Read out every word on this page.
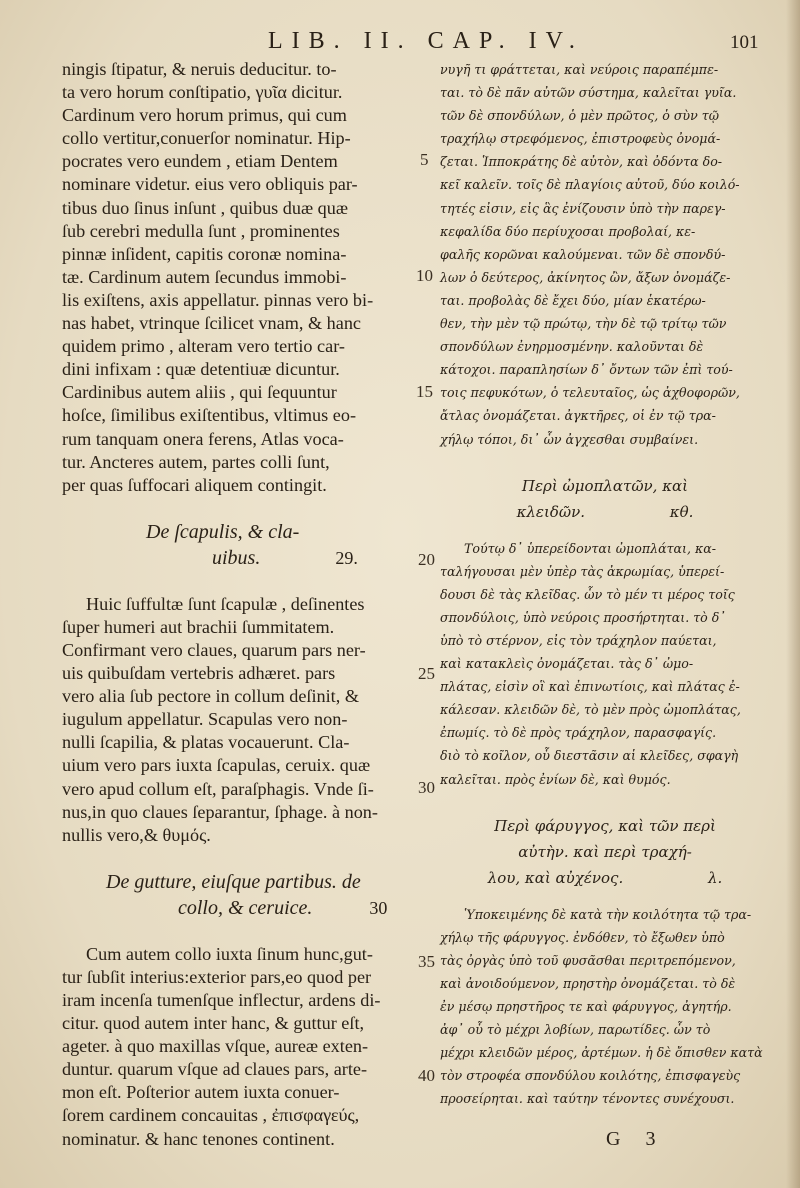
LIB. II. CAP. IV.	101
ningis ſtipatur, & neruis deducitur. to-
ta vero horum conſtipatio, γυῖα dicitur.
Cardinum vero horum primus, qui cum
collo vertitur,conuerſor nominatur. Hip-
pocrates vero eundem , etiam Dentem
nominare videtur. eius vero obliquis par-
tibus duo ſinus inſunt , quibus duæ quæ
ſub cerebri medulla ſunt , prominentes
pinnæ inſident, capitis coronæ nomina-
tæ. Cardinum autem ſecundus immobi-
lis exiſtens, axis appellatur. pinnas vero bi-
nas habet, vtrinque ſcilicet vnam, & hanc
quidem primo , alteram vero tertio car-
dini infixam : quæ detentiuæ dicuntur.
Cardinibus autem aliis , qui ſequuntur
hoſce, ſimilibus exiſtentibus, vltimus eo-
rum tanquam onera ferens, Atlas voca-
tur. Ancteres autem, partes colli ſunt,
per quas ſuffocari aliquem contingit.
De ſcapulis, & cla-
uibus.	29.
Huic ſuffultæ ſunt ſcapulæ , deſinentes
ſuper humeri aut brachii ſummitatem.
Confirmant vero claues, quarum pars ner-
uis quibuſdam vertebris adhæret. pars
vero alia ſub pectore in collum deſinit, &
iugulum appellatur. Scapulas vero non-
nulli ſcapilia, & platas vocauerunt. Cla-
uium vero pars iuxta ſcapulas, ceruix. quæ
vero apud collum eſt, paraſphagis. Vnde ſi-
nus,in quo claues ſeparantur, ſphage. à non-
nullis vero,& θυμός.
De gutture, eiuſque partibus. de
collo, & ceruice.	30
Cum autem collo iuxta ſinum hunc,gut-
tur ſubſit interius:exterior pars,eo quod per
iram incenſa tumenſque inflectur, ardens di-
citur. quod autem inter hanc, & guttur eſt,
ageter. à quo maxillas vſque, aureæ exten-
duntur. quarum vſque ad claues pars, arte-
mon eſt. Poſterior autem iuxta conuer-
ſorem cardinem concauitas , ἐπισφαγεύς,
nominatur. & hanc tenones continent.
5
10
15
20
25
30
35
40
νυγῆ τι φράττεται, καὶ νεύροις παραπέμπε-
ται. τὸ δὲ πᾶν αὐτῶν σύστημα, καλεῖται γυῖα.
τῶν δὲ σπονδύλων, ὁ μὲν πρῶτος, ὁ σὺν τῷ
τραχήλῳ στρεφόμενος, ἐπιστροφεὺς ὀνομά-
ζεται. Ἱπποκράτης δὲ αὐτὸν, καὶ ὀδόντα δο-
κεῖ καλεῖν. τοῖς δὲ πλαγίοις αὐτοῦ, δύο κοιλό-
τητές εἰσιν, εἰς ἃς ἐνίζουσιν ὑπὸ τὴν παρεγ-
κεφαλίδα δύο περίυχοσαι προβολαί, κε-
φαλῆς κορῶναι καλούμεναι. τῶν δὲ σπονδύ-
λων ὁ δεύτερος, ἀκίνητος ὢν, ἄξων ὀνομάζε-
ται. προβολὰς δὲ ἔχει δύο, μίαν ἑκατέρω-
θεν, τὴν μὲν τῷ πρώτῳ, τὴν δὲ τῷ τρίτῳ τῶν
σπονδύλων ἐνηρμοσμένην. καλοῦνται δὲ
κάτοχοι. παραπλησίων δ᾽ ὄντων τῶν ἐπὶ τού-
τοις πεφυκότων, ὁ τελευταῖος, ὡς ἀχθοφορῶν,
ἄτλας ὀνομάζεται. ἀγκτῆρες, οἱ ἐν τῷ τρα-
χήλῳ τόποι, δι᾽ ὧν ἀγχεσθαι συμβαίνει.
Περὶ ὠμοπλατῶν, καὶ
κλειδῶν.	κθ.
Τούτῳ δ᾽ ὑπερείδονται ὠμοπλάται, κα-
ταλήγουσαι μὲν ὑπὲρ τὰς ἀκρωμίας, ὑπερεί-
δουσι δὲ τὰς κλεῖδας. ὧν τὸ μέν τι μέρος τοῖς
σπονδύλοις, ὑπὸ νεύροις προσήρτηται. τὸ δ᾽
ὑπὸ τὸ στέρνον, εἰς τὸν τράχηλον παύεται,
καὶ κατακλεὶς ὀνομάζεται. τὰς δ᾽ ὠμο-
πλάτας, εἰσὶν οἳ καὶ ἐπινωτίοις, καὶ πλάτας ἐ-
κάλεσαν. κλειδῶν δὲ, τὸ μὲν πρὸς ὠμοπλάτας,
ἐπωμίς. τὸ δὲ πρὸς τράχηλον, παρασφαγίς.
διὸ τὸ κοῖλον, οὗ διεστᾶσιν αἱ κλεῖδες, σφαγὴ
καλεῖται. πρὸς ἐνίων δὲ, καὶ θυμός.
Περὶ φάρυγγος, καὶ τῶν περὶ
αὐτὴν. καὶ περὶ τραχή-
λου, καὶ αὐχένος.	λ.
Ὑποκειμένης δὲ κατὰ τὴν κοιλότητα τῷ τρα-
χήλῳ τῆς φάρυγγος. ἐνδόθεν, τὸ ἔξωθεν ὑπὸ
τὰς ὀργὰς ὑπὸ τοῦ φυσᾶσθαι περιτρεπόμενον,
καὶ ἀνοιδούμενον, πρηστὴρ ὀνομάζεται. τὸ δὲ
ἐν μέσῳ πρηστῆρος τε καὶ φάρυγγος, ἀγητήρ.
ἀφ᾽ οὗ τὸ μέχρι λοβίων, παρωτίδες. ὧν τὸ
μέχρι κλειδῶν μέρος, ἀρτέμων. ἡ δὲ ὄπισθεν κατὰ
τὸν στροφέα σπονδύλου κοιλότης, ἐπισφαγεὺς
προσείρηται. καὶ ταύτην τένοντες συνέχουσι.
G 3
